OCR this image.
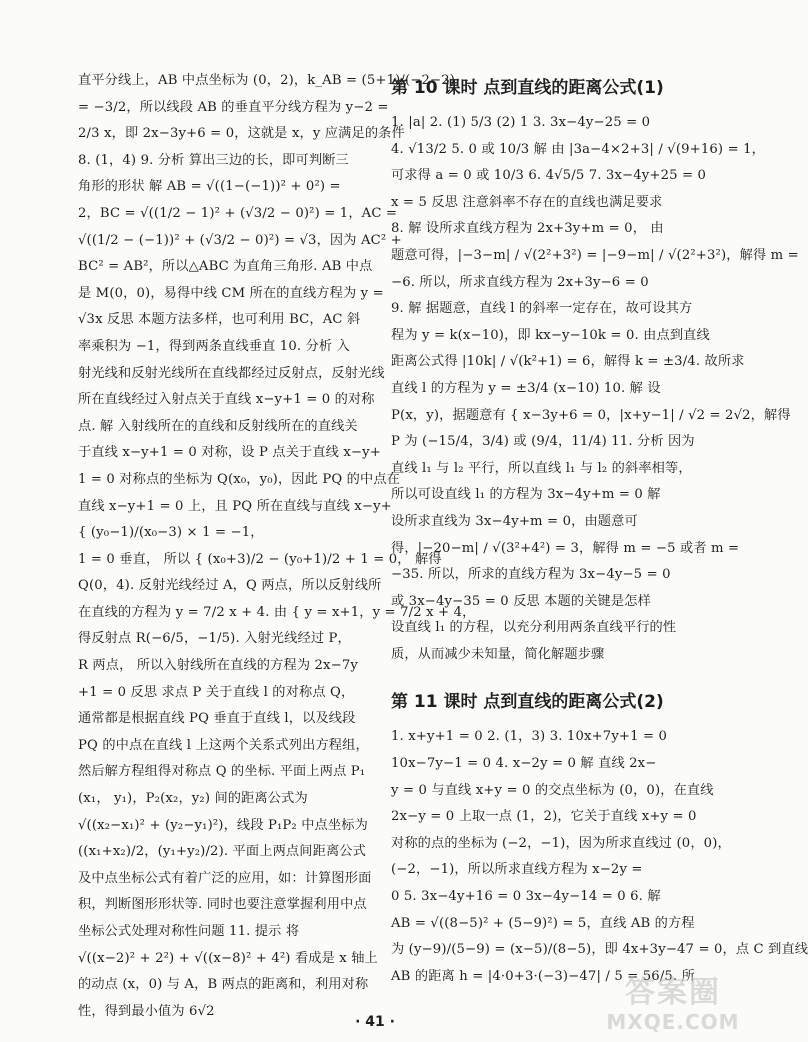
直平分线上，AB 中点坐标为 (0，2)，k_AB = (5+1)/(−2−2)
= −3/2，所以线段 AB 的垂直平分线方程为 y−2 =
2/3 x，即 2x−3y+6 = 0，这就是 x，y 应满足的条件
8. (1，4) 9. 分析 算出三边的长，即可判断三
角形的形状 解 AB = √((1−(−1))² + 0²) =
2，BC = √((1/2 − 1)² + (√3/2 − 0)²) = 1，AC =
√((1/2 − (−1))² + (√3/2 − 0)²) = √3，因为 AC² +
BC² = AB²，所以△ABC 为直角三角形. AB 中点
是 M(0，0)，易得中线 CM 所在的直线方程为 y =
√3x 反思 本题方法多样，也可利用 BC，AC 斜
率乘积为 −1，得到两条直线垂直 10. 分析 入
射光线和反射光线所在直线都经过反射点，反射光线
所在直线经过入射点关于直线 x−y+1 = 0 的对称
点. 解 入射线所在的直线和反射线所在的直线关
于直线 x−y+1 = 0 对称，设 P 点关于直线 x−y+
1 = 0 对称点的坐标为 Q(x₀，y₀)，因此 PQ 的中点在
直线 x−y+1 = 0 上，且 PQ 所在直线与直线 x−y+
{ (y₀−1)/(x₀−3) × 1 = −1，
1 = 0 垂直， 所以 { (x₀+3)/2 − (y₀+1)/2 + 1 = 0， 解得
Q(0，4). 反射光线经过 A，Q 两点，所以反射线所
在直线的方程为 y = 7/2 x + 4. 由 { y = x+1，y = 7/2 x + 4，
得反射点 R(−6/5，−1/5). 入射光线经过 P，
R 两点， 所以入射线所在直线的方程为 2x−7y
+1 = 0 反思 求点 P 关于直线 l 的对称点 Q，
通常都是根据直线 PQ 垂直于直线 l，以及线段
PQ 的中点在直线 l 上这两个关系式列出方程组，
然后解方程组得对称点 Q 的坐标. 平面上两点 P₁
(x₁， y₁)，P₂(x₂，y₂) 间的距离公式为
√((x₂−x₁)² + (y₂−y₁)²)，线段 P₁P₂ 中点坐标为
((x₁+x₂)/2，(y₁+y₂)/2). 平面上两点间距离公式
及中点坐标公式有着广泛的应用，如：计算图形面
积，判断图形形状等. 同时也要注意掌握利用中点
坐标公式处理对称性问题 11. 提示 将
√((x−2)² + 2²) + √((x−8)² + 4²) 看成是 x 轴上
的动点 (x，0) 与 A，B 两点的距离和，利用对称
性，得到最小值为 6√2
第 10 课时 点到直线的距离公式(1)
1. |a| 2. (1) 5/3 (2) 1 3. 3x−4y−25 = 0
4. √13/2 5. 0 或 10/3 解 由 |3a−4×2+3| / √(9+16) = 1，
可求得 a = 0 或 10/3 6. 4√5/5 7. 3x−4y+25 = 0
x = 5 反思 注意斜率不存在的直线也满足要求
8. 解 设所求直线方程为 2x+3y+m = 0， 由
题意可得，|−3−m| / √(2²+3²) = |−9−m| / √(2²+3²)，解得 m =
−6. 所以，所求直线方程为 2x+3y−6 = 0
9. 解 据题意，直线 l 的斜率一定存在，故可设其方
程为 y = k(x−10)，即 kx−y−10k = 0. 由点到直线
距离公式得 |10k| / √(k²+1) = 6，解得 k = ±3/4. 故所求
直线 l 的方程为 y = ±3/4 (x−10) 10. 解 设
P(x，y)，据题意有 { x−3y+6 = 0，|x+y−1| / √2 = 2√2，解得
P 为 (−15/4，3/4) 或 (9/4，11/4) 11. 分析 因为
直线 l₁ 与 l₂ 平行，所以直线 l₁ 与 l₂ 的斜率相等，
所以可设直线 l₁ 的方程为 3x−4y+m = 0 解
设所求直线为 3x−4y+m = 0，由题意可
得，|−20−m| / √(3²+4²) = 3，解得 m = −5 或者 m =
−35. 所以，所求的直线方程为 3x−4y−5 = 0
或 3x−4y−35 = 0 反思 本题的关键是怎样
设直线 l₁ 的方程，以充分利用两条直线平行的性
质，从而减少未知量，简化解题步骤
第 11 课时 点到直线的距离公式(2)
1. x+y+1 = 0 2. (1，3) 3. 10x+7y+1 = 0
10x−7y−1 = 0 4. x−2y = 0 解 直线 2x−
y = 0 与直线 x+y = 0 的交点坐标为 (0，0)，在直线
2x−y = 0 上取一点 (1，2)，它关于直线 x+y = 0
对称的点的坐标为 (−2，−1)，因为所求直线过 (0，0)，
(−2，−1)，所以所求直线方程为 x−2y =
0 5. 3x−4y+16 = 0 3x−4y−14 = 0 6. 解
AB = √((8−5)² + (5−9)²) = 5，直线 AB 的方程
为 (y−9)/(5−9) = (x−5)/(8−5)，即 4x+3y−47 = 0，点 C 到直线
AB 的距离 h = |4·0+3·(−3)−47| / 5 = 56/5. 所
· 41 ·
答案圈
MXQE.COM
